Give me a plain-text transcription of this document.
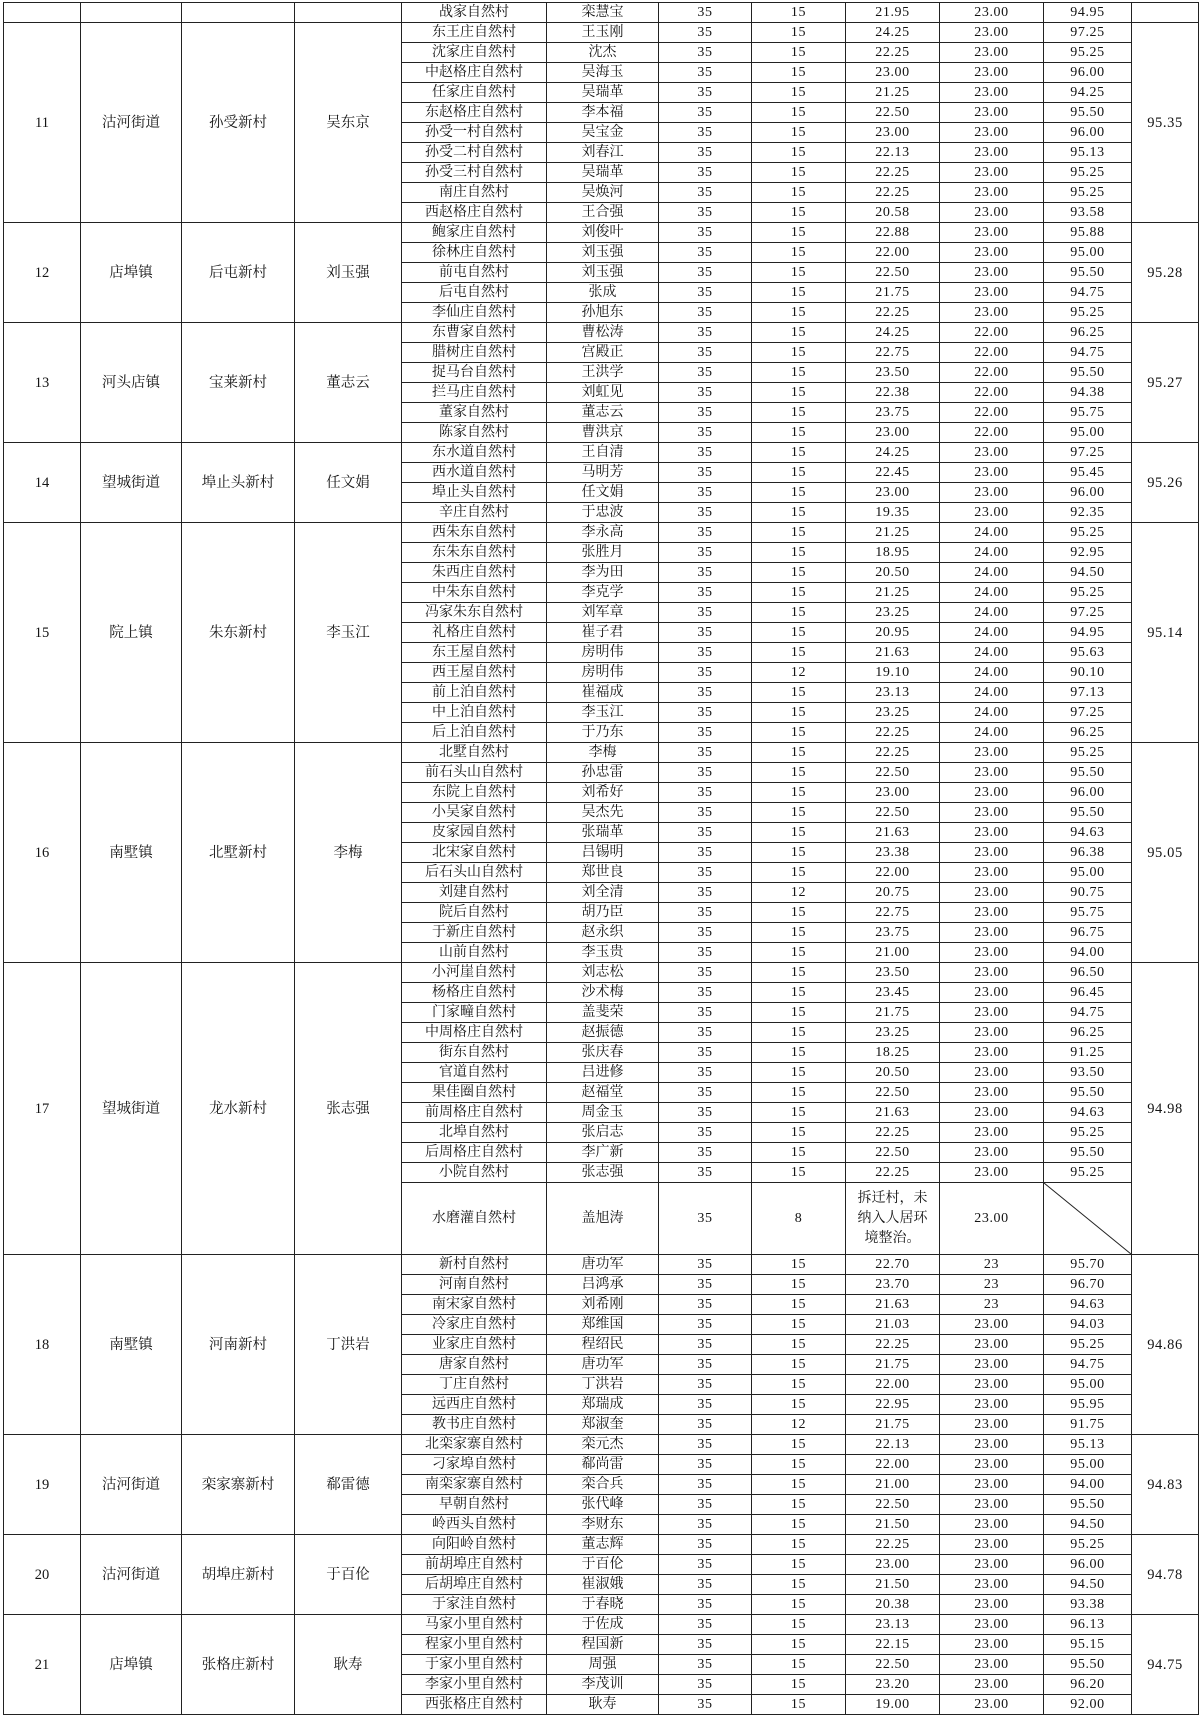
				战家自然村	栾慧宝	35	15	21.95	23.00	94.95	
11	沽河街道	孙受新村	吴东京	东王庄自然村	王玉刚	35	15	24.25	23.00	97.25	95.35
				沈家庄自然村	沈杰	35	15	22.25	23.00	95.25	
				中赵格庄自然村	吴海玉	35	15	23.00	23.00	96.00	
				任家庄自然村	吴瑞革	35	15	21.25	23.00	94.25	
				东赵格庄自然村	李本福	35	15	22.50	23.00	95.50	
				孙受一村自然村	吴宝金	35	15	23.00	23.00	96.00	
				孙受二村自然村	刘春江	35	15	22.13	23.00	95.13	
				孙受三村自然村	吴瑞革	35	15	22.25	23.00	95.25	
				南庄自然村	吴焕河	35	15	22.25	23.00	95.25	
				西赵格庄自然村	王合强	35	15	20.58	23.00	93.58	
12	店埠镇	后屯新村	刘玉强	鲍家庄自然村	刘俊叶	35	15	22.88	23.00	95.88	95.28
				徐林庄自然村	刘玉强	35	15	22.00	23.00	95.00	
				前屯自然村	刘玉强	35	15	22.50	23.00	95.50	
				后屯自然村	张成	35	15	21.75	23.00	94.75	
				李仙庄自然村	孙旭东	35	15	22.25	23.00	95.25	
13	河头店镇	宝莱新村	董志云	东曹家自然村	曹松涛	35	15	24.25	22.00	96.25	95.27
				腊树庄自然村	宫殿正	35	15	22.75	22.00	94.75	
				捉马台自然村	王洪学	35	15	23.50	22.00	95.50	
				拦马庄自然村	刘虹见	35	15	22.38	22.00	94.38	
				董家自然村	董志云	35	15	23.75	22.00	95.75	
				陈家自然村	曹洪京	35	15	23.00	22.00	95.00	
14	望城街道	埠止头新村	任文娟	东水道自然村	王自清	35	15	24.25	23.00	97.25	95.26
				西水道自然村	马明芳	35	15	22.45	23.00	95.45	
				埠止头自然村	任文娟	35	15	23.00	23.00	96.00	
				辛庄自然村	于忠波	35	15	19.35	23.00	92.35	
15	院上镇	朱东新村	李玉江	西朱东自然村	李永高	35	15	21.25	24.00	95.25	95.14
				东朱东自然村	张胜月	35	15	18.95	24.00	92.95	
				朱西庄自然村	李为田	35	15	20.50	24.00	94.50	
				中朱东自然村	李克学	35	15	21.25	24.00	95.25	
				冯家朱东自然村	刘军章	35	15	23.25	24.00	97.25	
				礼格庄自然村	崔子君	35	15	20.95	24.00	94.95	
				东王屋自然村	房明伟	35	15	21.63	24.00	95.63	
				西王屋自然村	房明伟	35	12	19.10	24.00	90.10	
				前上泊自然村	崔福成	35	15	23.13	24.00	97.13	
				中上泊自然村	李玉江	35	15	23.25	24.00	97.25	
				后上泊自然村	于乃东	35	15	22.25	24.00	96.25	
16	南墅镇	北墅新村	李梅	北墅自然村	李梅	35	15	22.25	23.00	95.25	95.05
				前石头山自然村	孙忠雷	35	15	22.50	23.00	95.50	
				东院上自然村	刘希好	35	15	23.00	23.00	96.00	
				小吴家自然村	吴杰先	35	15	22.50	23.00	95.50	
				皮家园自然村	张瑞革	35	15	21.63	23.00	94.63	
				北宋家自然村	吕锡明	35	15	23.38	23.00	96.38	
				后石头山自然村	郑世良	35	15	22.00	23.00	95.00	
				刘建自然村	刘全清	35	12	20.75	23.00	90.75	
				院后自然村	胡乃臣	35	15	22.75	23.00	95.75	
				于新庄自然村	赵永织	35	15	23.75	23.00	96.75	
				山前自然村	李玉贵	35	15	21.00	23.00	94.00	
17	望城街道	龙水新村	张志强	小河崖自然村	刘志松	35	15	23.50	23.00	96.50	94.98
				杨格庄自然村	沙术梅	35	15	23.45	23.00	96.45	
				门家疃自然村	盖斐荣	35	15	21.75	23.00	94.75	
				中周格庄自然村	赵振德	35	15	23.25	23.00	96.25	
				街东自然村	张庆春	35	15	18.25	23.00	91.25	
				官道自然村	吕进修	35	15	20.50	23.00	93.50	
				果佳圈自然村	赵福堂	35	15	22.50	23.00	95.50	
				前周格庄自然村	周金玉	35	15	21.63	23.00	94.63	
				北埠自然村	张启志	35	15	22.25	23.00	95.25	
				后周格庄自然村	李广新	35	15	22.50	23.00	95.50	
				小院自然村	张志强	35	15	22.25	23.00	95.25	
				水磨灌自然村	盖旭涛	35	8	拆迁村，未纳入人居环境整治。	23.00	

18	南墅镇	河南新村	丁洪岩	新村自然村	唐功军	35	15	22.70	23	95.70	94.86
				河南自然村	吕鸿承	35	15	23.70	23	96.70	
				南宋家自然村	刘希刚	35	15	21.63	23	94.63	
				冷家庄自然村	郑维国	35	15	21.03	23.00	94.03	
				业家庄自然村	程绍民	35	15	22.25	23.00	95.25	
				唐家自然村	唐功军	35	15	21.75	23.00	94.75	
				丁庄自然村	丁洪岩	35	15	22.00	23.00	95.00	
				远西庄自然村	郑瑞成	35	15	22.95	23.00	95.95	
				教书庄自然村	郑淑奎	35	12	21.75	23.00	91.75	
19	沽河街道	栾家寨新村	郗雷德	北栾家寨自然村	栾元杰	35	15	22.13	23.00	95.13	94.83
				刁家埠自然村	郗尚雷	35	15	22.00	23.00	95.00	
				南栾家寨自然村	栾合兵	35	15	21.00	23.00	94.00	
				早朝自然村	张代峰	35	15	22.50	23.00	95.50	
				岭西头自然村	李财东	35	15	21.50	23.00	94.50	
20	沽河街道	胡埠庄新村	于百伦	向阳岭自然村	董志辉	35	15	22.25	23.00	95.25	94.78
				前胡埠庄自然村	于百伦	35	15	23.00	23.00	96.00	
				后胡埠庄自然村	崔淑娥	35	15	21.50	23.00	94.50	
				于家洼自然村	于春晓	35	15	20.38	23.00	93.38	
21	店埠镇	张格庄新村	耿寿	马家小里自然村	于佐成	35	15	23.13	23.00	96.13	94.75
				程家小里自然村	程国新	35	15	22.15	23.00	95.15	
				于家小里自然村	周强	35	15	22.50	23.00	95.50	
				李家小里自然村	李茂训	35	15	23.20	23.00	96.20	
				西张格庄自然村	耿寿	35	15	19.00	23.00	92.00	
